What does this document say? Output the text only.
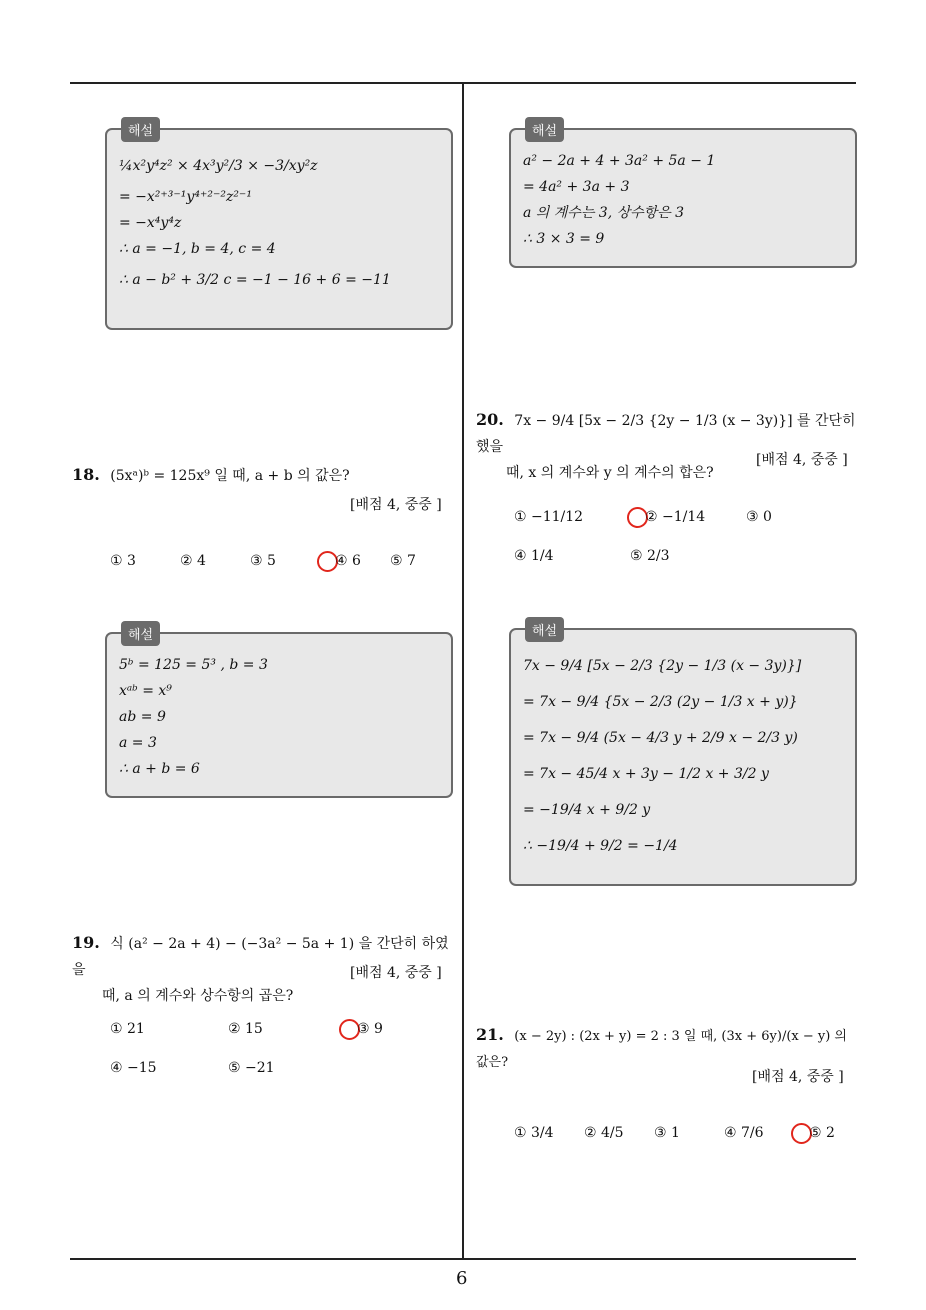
해설
¼x²y⁴z² × 4x³y²/3 × −3/xy²z
= −x²⁺³⁻¹y⁴⁺²⁻²z²⁻¹
= −x⁴y⁴z
∴ a = −1, b = 4, c = 4
∴ a − b² + 3/2 c = −1 − 16 + 6 = −11
해설
a² − 2a + 4 + 3a² + 5a − 1
= 4a² + 3a + 3
a 의 계수는 3, 상수항은 3
∴ 3 × 3 = 9
18. (5xᵃ)ᵇ = 125x⁹ 일 때, a + b 의 값은?
[배점 4, 중중 ]
① 3	② 4	③ 5	④ 6 ⑤ 7
해설
5ᵇ = 125 = 5³ , b = 3
xᵃᵇ = x⁹
ab = 9
a = 3
∴ a + b = 6
19. 식 (a² − 2a + 4) − (−3a² − 5a + 1) 을 간단히 하였을
때, a 의 계수와 상수항의 곱은?
[배점 4, 중중 ]
① 21	② 15	③ 9
④ −15	⑤ −21
20. 7x − 9/4 [5x − 2/3 {2y − 1/3 (x − 3y)}] 를 간단히 했을
때, x 의 계수와 y 의 계수의 합은?
[배점 4, 중중 ]
① −11/12	② −1/14	③ 0
④ 1/4	⑤ 2/3
해설
7x − 9/4 [5x − 2/3 {2y − 1/3 (x − 3y)}]
= 7x − 9/4 {5x − 2/3 (2y − 1/3 x + y)}
= 7x − 9/4 (5x − 4/3 y + 2/9 x − 2/3 y)
= 7x − 45/4 x + 3y − 1/2 x + 3/2 y
= −19/4 x + 9/2 y
∴ −19/4 + 9/2 = −1/4
21. (x − 2y) : (2x + y) = 2 : 3 일 때, (3x + 6y)/(x − y) 의 값은?
[배점 4, 중중 ]
① 3/4 ② 4/5 ③ 1	④ 7/6	⑤ 2
6
